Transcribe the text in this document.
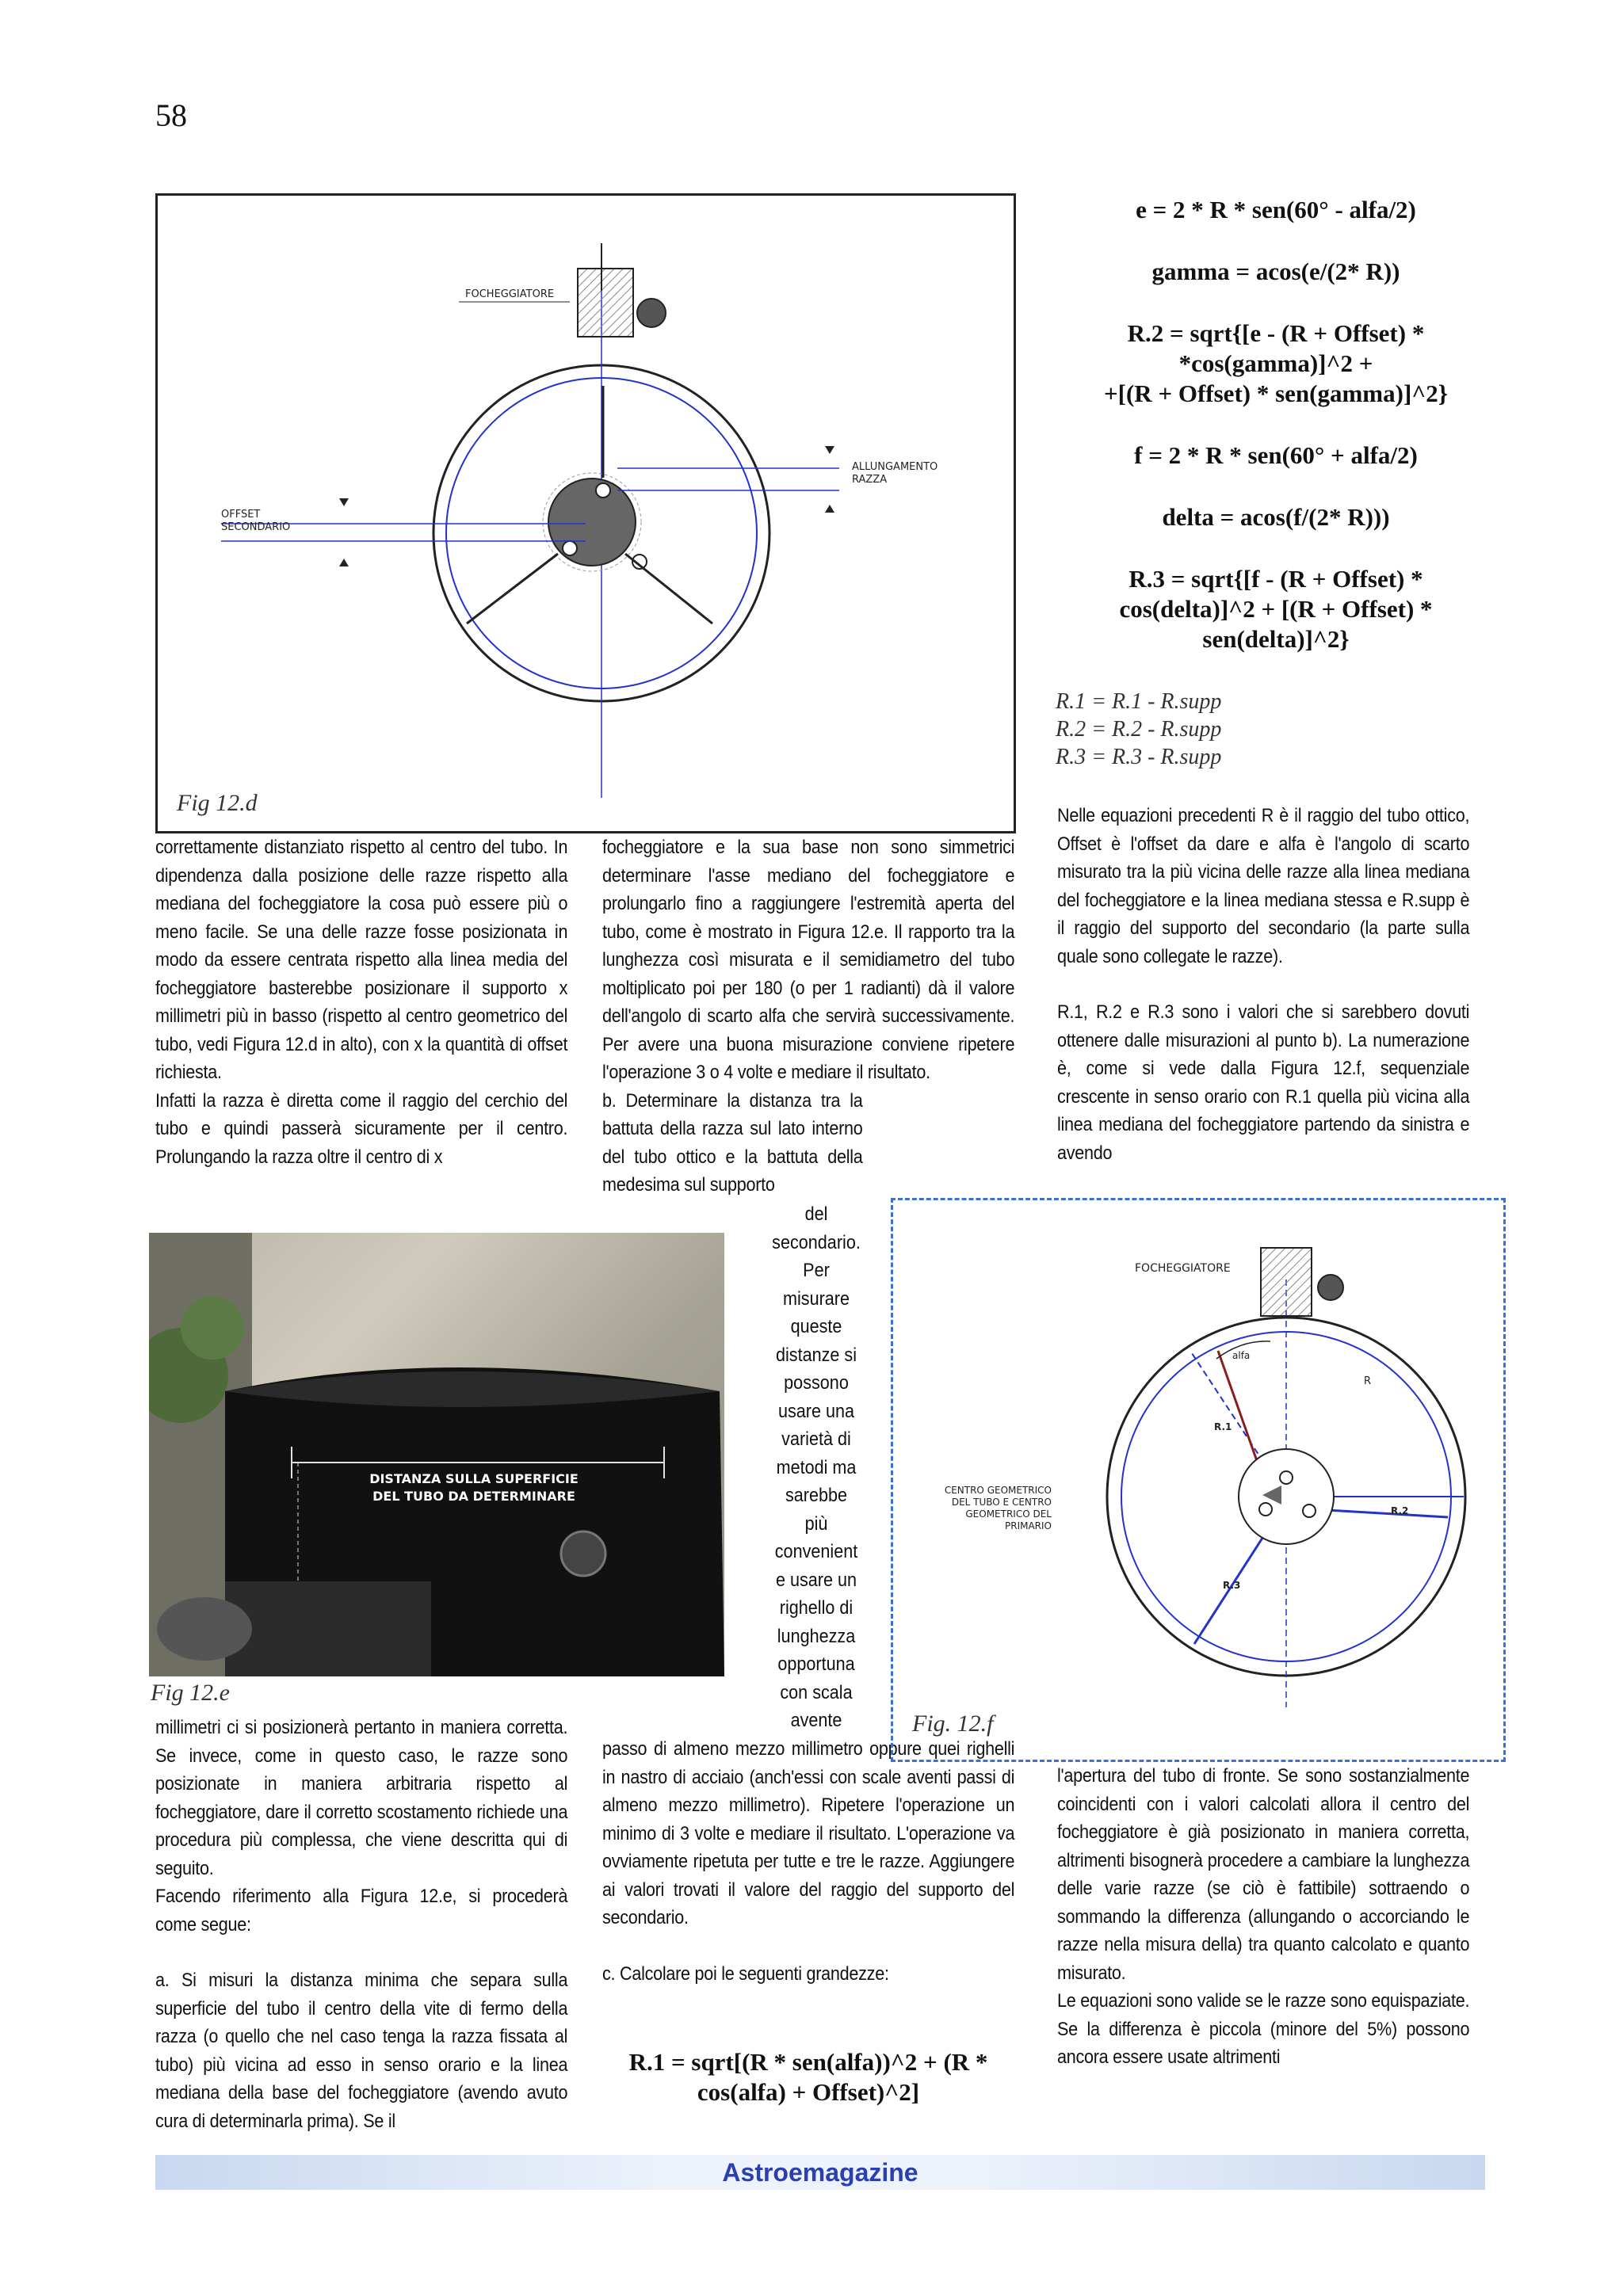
58
FOCHEGGIATORE
ALLUNGAMENTO
RAZZA
OFFSET
SECONDARIO
Fig 12.d
e = 2 * R * sen(60° - alfa/2)
gamma = acos(e/(2* R))
R.2 = sqrt{[e - (R + Offset) *
*cos(gamma)]^2 +
+[(R + Offset) * sen(gamma)]^2}
f = 2 * R * sen(60° + alfa/2)
delta = acos(f/(2* R)))
R.3 = sqrt{[f - (R + Offset) *
cos(delta)]^2 + [(R + Offset) *
sen(delta)]^2}
R.1 = R.1 - R.supp
R.2 = R.2 - R.supp
R.3 = R.3 - R.supp

correttamente distanziato rispetto al centro del tubo. In dipendenza dalla posizione delle razze rispetto alla mediana del focheggiatore la cosa può essere più o meno facile. Se una delle razze fosse posizionata in modo da essere centrata rispetto alla linea media del focheggiatore basterebbe posizionare il supporto x millimetri più in basso (rispetto al centro geometrico del tubo, vedi Figura 12.d in alto), con x la quantità di offset richiesta.

Infatti la razza è diretta come il raggio del cerchio del tubo e quindi passerà sicuramente per il centro. Prolungando la razza oltre il centro di x

DISTANZA SULLA SUPERFICIE
DEL TUBO DA DETERMINARE
Fig 12.e

millimetri ci si posizionerà pertanto in maniera corretta. Se invece, come in questo caso, le razze sono posizionate in maniera arbitraria rispetto al focheggiatore, dare il corretto scostamento richiede una procedura più complessa, che viene descritta qui di seguito.

Facendo riferimento alla Figura 12.e, si procederà come segue:

a. Si misuri la distanza minima che separa sulla superficie del tubo il centro della vite di fermo della razza (o quello che nel caso tenga la razza fissata al tubo) più vicina ad esso in senso orario e la linea mediana della base del focheggiatore (avendo avuto cura di determinarla prima). Se il

focheggiatore e la sua base non sono simmetrici determinare l'asse mediano del focheggiatore e prolungarlo fino a raggiungere l'estremità aperta del tubo, come è mostrato in Figura 12.e. Il rapporto tra la lunghezza così misurata e il semidiametro del tubo moltiplicato poi per 180 (o per 1 radianti) dà il valore dell'angolo di scarto alfa che servirà successivamente. Per avere una buona misurazione conviene ripetere l'operazione 3 o 4 volte e mediare il risultato.

b. Determinare la distanza tra la battuta della razza sul lato interno del tubo ottico e la battuta della medesima sul supporto

del
secondario.
Per
misurare
queste
distanze si
possono
usare una
varietà di
metodi ma
sarebbe
più
convenient
e usare un
righello di
lunghezza
opportuna
con scala
avente

passo di almeno mezzo millimetro oppure quei righelli in nastro di acciaio (anch'essi con scale aventi passi di almeno mezzo millimetro). Ripetere l'operazione un minimo di 3 volte e mediare il risultato. L'operazione va ovviamente ripetuta per tutte e tre le razze. Aggiungere ai valori trovati il valore del raggio del supporto del secondario.

c. Calcolare poi le seguenti grandezze:

R.1 = sqrt[(R * sen(alfa))^2 + (R * cos(alfa) + Offset)^2]

Nelle equazioni precedenti R è il raggio del tubo ottico, Offset è l'offset da dare e alfa è l'angolo di scarto misurato tra la più vicina delle razze alla linea mediana del focheggiatore e la linea mediana stessa e R.supp è il raggio del supporto del secondario (la parte sulla quale sono collegate le razze).

R.1, R.2 e R.3 sono i valori che si sarebbero dovuti ottenere dalle misurazioni al punto b). La numerazione è, come si vede dalla Figura 12.f, sequenziale crescente in senso orario con R.1 quella più vicina alla linea mediana del focheggiatore partendo da sinistra e avendo

FOCHEGGIATORE
alfa
R
R.1
R.2
R.3
CENTRO GEOMETRICO
DEL TUBO E CENTRO
GEOMETRICO DEL
PRIMARIO
Fig. 12.f

l'apertura del tubo di fronte. Se sono sostanzialmente coincidenti con i valori calcolati allora il centro del focheggiatore è già posizionato in maniera corretta, altrimenti bisognerà procedere a cambiare la lunghezza delle varie razze (se ciò è fattibile) sottraendo o sommando la differenza (allungando o accorciando le razze nella misura della) tra quanto calcolato e quanto misurato.

Le equazioni sono valide se le razze sono equispaziate. Se la differenza è piccola (minore del 5%) possono ancora essere usate altrimenti

Astroemagazine
